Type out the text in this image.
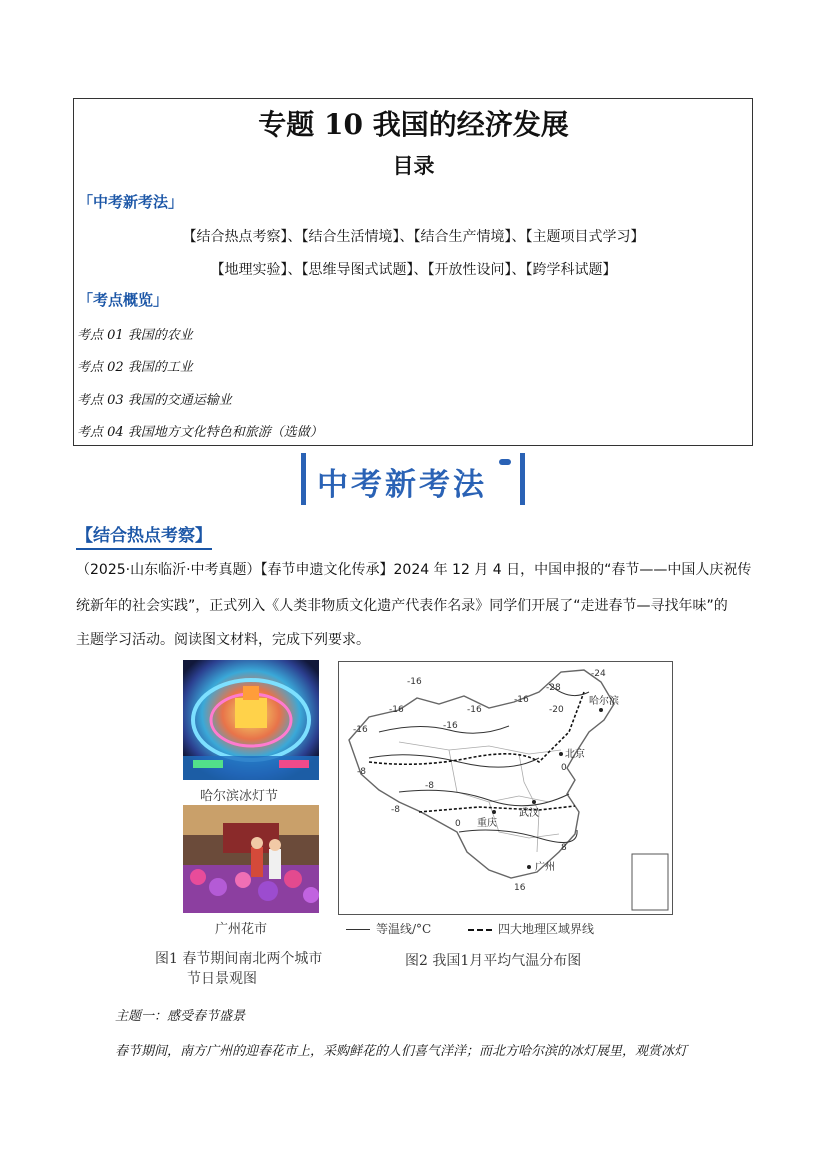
专题 10 我国的经济发展
目录
「中考新考法」
【结合热点考察】、【结合生活情境】、【结合生产情境】、【主题项目式学习】
【地理实验】、【思维导图式试题】、【开放性设问】、【跨学科试题】
「考点概览」
考点 01 我国的农业
考点 02 我国的工业
考点 03 我国的交通运输业
考点 04 我国地方文化特色和旅游（选做）
中考新考法
【结合热点考察】
（2025·山东临沂·中考真题）【春节申遗文化传承】2024 年 12 月 4 日，中国申报的“春节——中国人庆祝传
统新年的社会实践”，正式列入《人类非物质文化遗产代表作名录》同学们开展了“走进春节—寻找年味”的
主题学习活动。阅读图文材料，完成下列要求。
哈尔滨冰灯节
广州花市
图1 春节期间南北两个城市
节日景观图
-28
-24
-20
-16
-16
-16
-16
-16
-16
-8
-8
-8
0
0
8
16
哈尔滨
北京
武汉
重庆
广州
等温线/°C	四大地理区域界线
图2 我国1月平均气温分布图
主题一：感受春节盛景
春节期间，南方广州的迎春花市上，采购鲜花的人们喜气洋洋；而北方哈尔滨的冰灯展里，观赏冰灯
